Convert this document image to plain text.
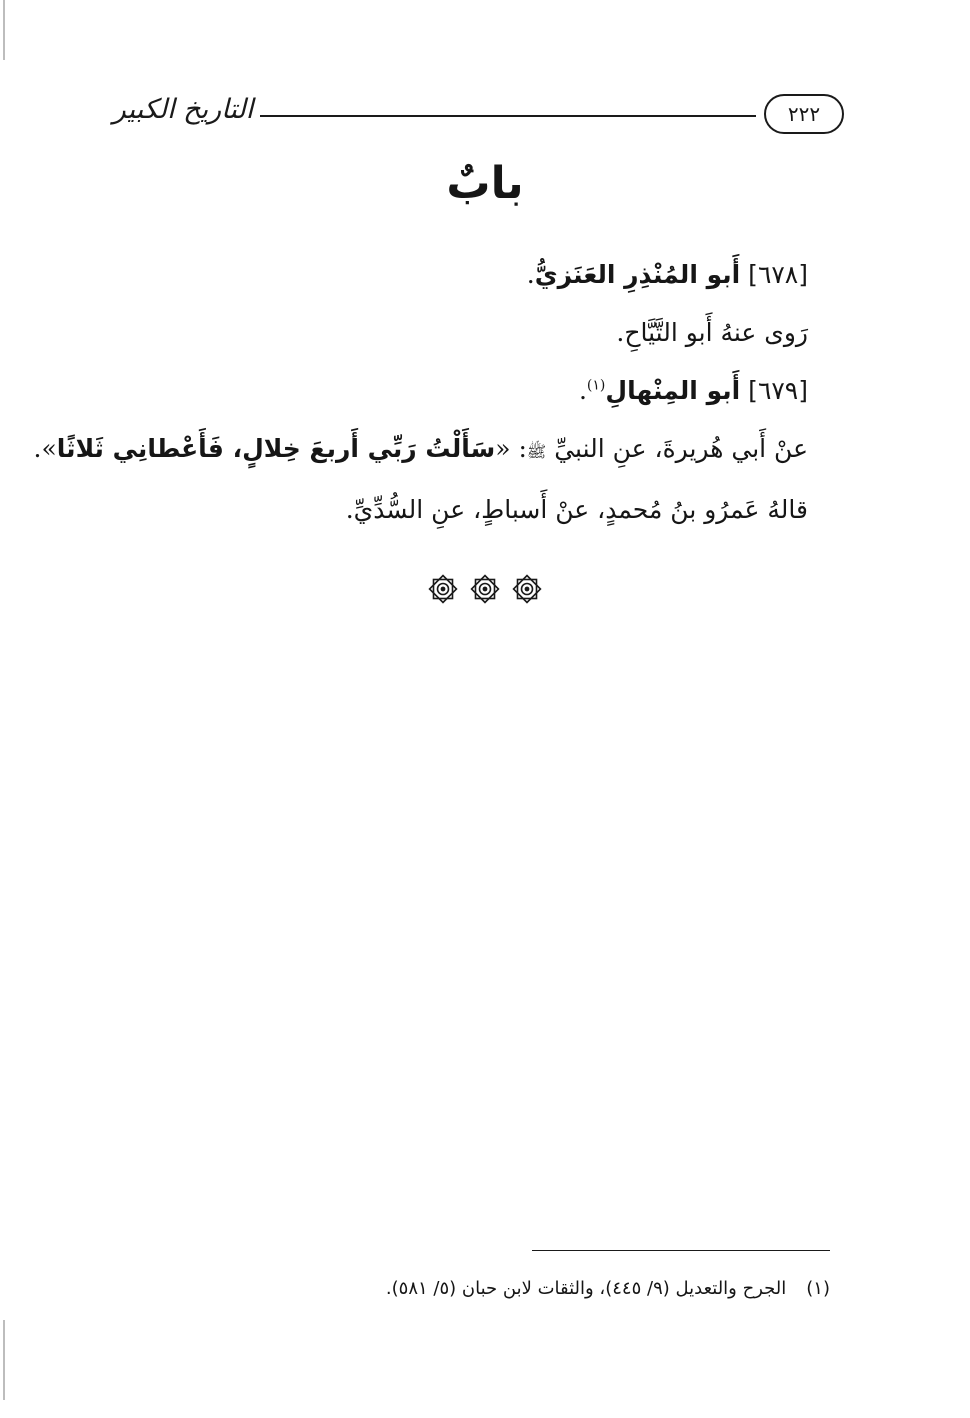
التاريخ الكبير	٢٢٢
بابٌ
[٦٧٨] أَبو المُنْذِرِ العَنَزيُّ.
رَوى عنهُ أَبو التَّيَّاحِ.
[٦٧٩] أَبو المِنْهالِ$^{(١)}$.
عنْ أَبي هُريرةَ، عنِ النبيِّ ﷺ: «سَأَلْتُ رَبِّي أَربعَ خِلالٍ، فَأَعْطانِي ثَلاثًا».
قالهُ عَمرُو بنُ مُحمدٍ، عنْ أَسباطٍ، عنِ السُّدِّيِّ.
(١)الجرح والتعديل (٩/ ٤٤٥)، والثقات لابن حبان (٥/ ٥٨١).
